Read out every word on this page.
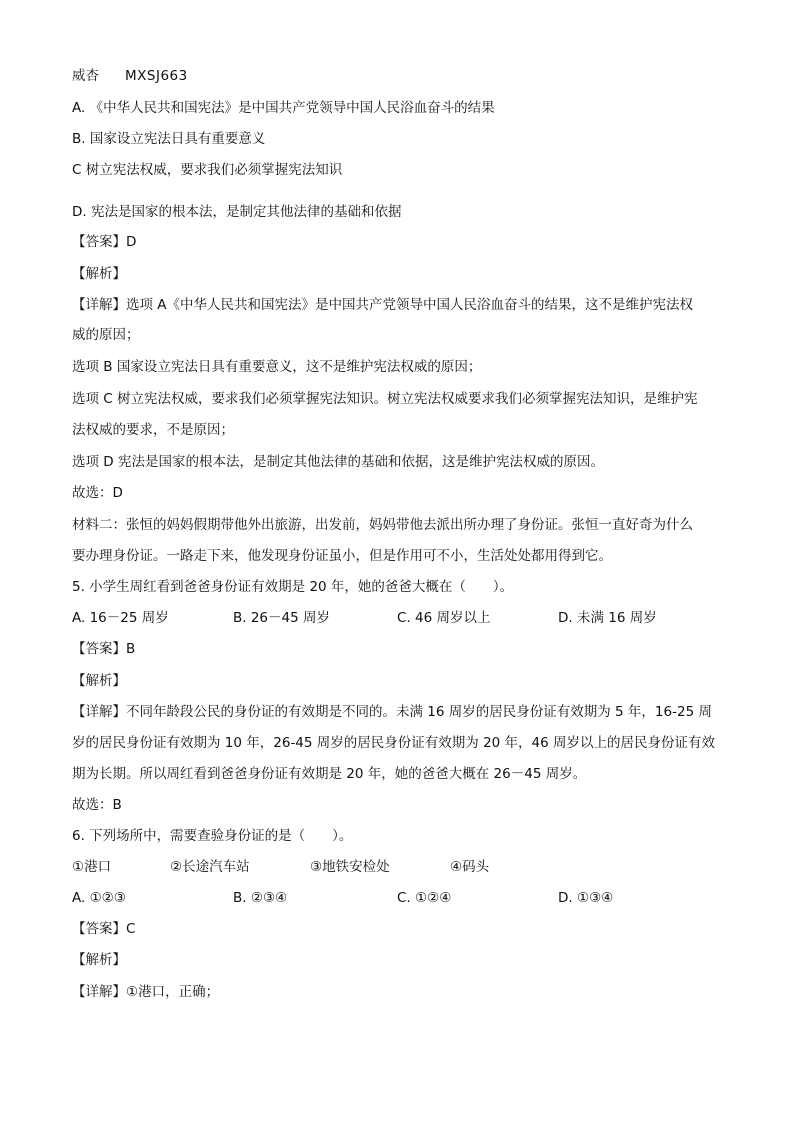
威杏 MXSJ663
A. 《中华人民共和国宪法》是中国共产党领导中国人民浴血奋斗的结果
B. 国家设立宪法日具有重要意义
C 树立宪法权威，要求我们必须掌握宪法知识
D. 宪法是国家的根本法，是制定其他法律的基础和依据
【答案】D
【解析】
【详解】选项 A《中华人民共和国宪法》是中国共产党领导中国人民浴血奋斗的结果，这不是维护宪法权
威的原因；
选项 B 国家设立宪法日具有重要意义，这不是维护宪法权威的原因；
选项 C 树立宪法权威，要求我们必须掌握宪法知识。树立宪法权威要求我们必须掌握宪法知识，是维护宪
法权威的要求，不是原因；
选项 D 宪法是国家的根本法，是制定其他法律的基础和依据，这是维护宪法权威的原因。
故选：D
材料二：张恒的妈妈假期带他外出旅游，出发前，妈妈带他去派出所办理了身份证。张恒一直好奇为什么
要办理身份证。一路走下来，他发现身份证虽小，但是作用可不小，生活处处都用得到它。
5. 小学生周红看到爸爸身份证有效期是 20 年，她的爸爸大概在（　　）。
A. 16－25 周岁	B. 26－45 周岁	C. 46 周岁以上	D. 未满 16 周岁
【答案】B
【解析】
【详解】不同年龄段公民的身份证的有效期是不同的。未满 16 周岁的居民身份证有效期为 5 年，16-25 周
岁的居民身份证有效期为 10 年，26-45 周岁的居民身份证有效期为 20 年，46 周岁以上的居民身份证有效
期为长期。所以周红看到爸爸身份证有效期是 20 年，她的爸爸大概在 26－45 周岁。
故选：B
6. 下列场所中，需要查验身份证的是（　　）。
①港口	②长途汽车站	③地铁安检处	④码头
A. ①②③	B. ②③④	C. ①②④	D. ①③④
【答案】C
【解析】
【详解】①港口，正确；
